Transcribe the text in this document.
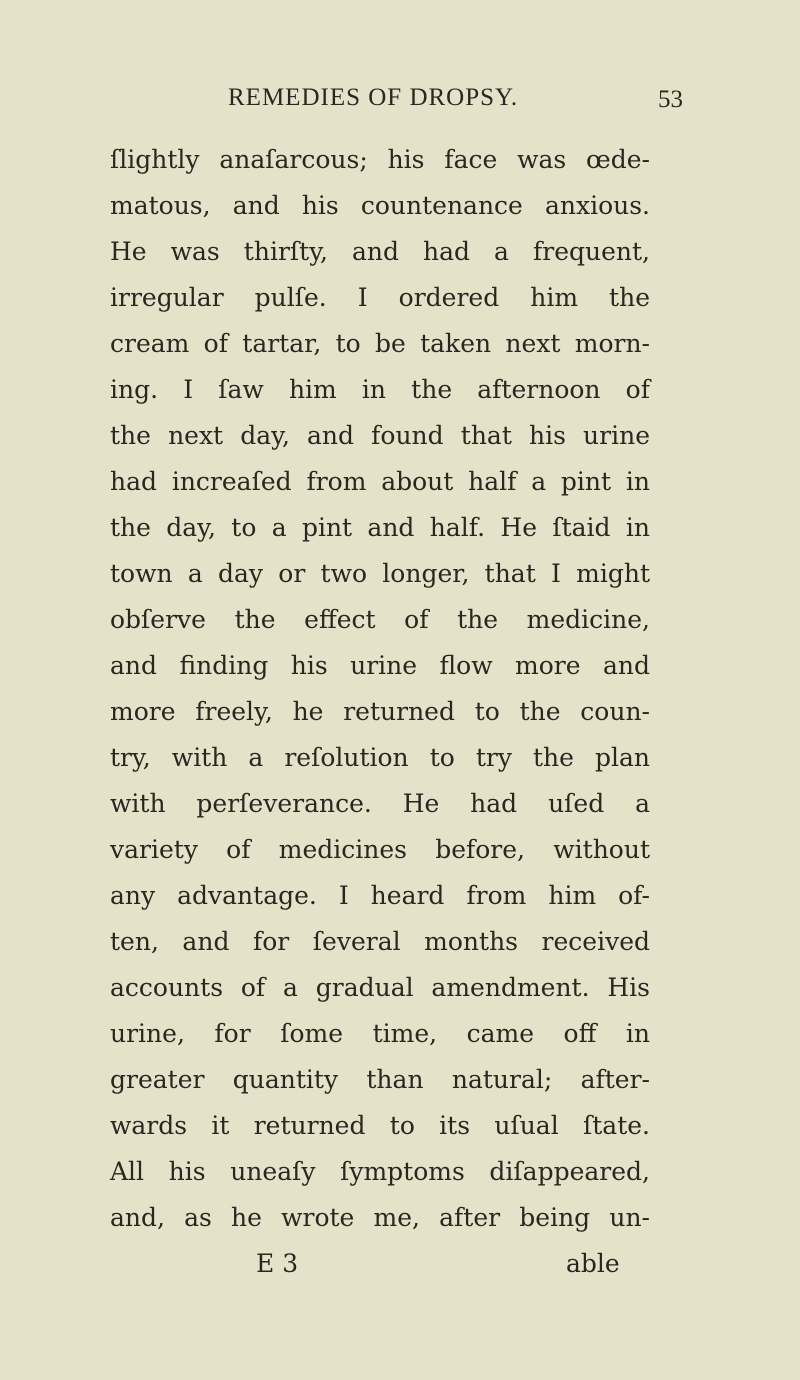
REMEDIES OF DROPSY.	53
ſlightly anaſarcous; his face was œde-
matous, and his countenance anxious.
He was thirſty, and had a frequent,
irregular pulſe. I ordered him the
cream of tartar, to be taken next morn-
ing. I ſaw him in the afternoon of
the next day, and found that his urine
had increaſed from about half a pint in
the day, to a pint and half. He ſtaid in
town a day or two longer, that I might
obſerve the effect of the medicine,
and finding his urine flow more and
more freely, he returned to the coun-
try, with a reſolution to try the plan
with perſeverance. He had uſed a
variety of medicines before, without
any advantage. I heard from him of-
ten, and for ſeveral months received
accounts of a gradual amendment. His
urine, for ſome time, came off in
greater quantity than natural; after-
wards it returned to its uſual ſtate.
All his uneaſy ſymptoms diſappeared,
and, as he wrote me, after being un-
E 3	able
